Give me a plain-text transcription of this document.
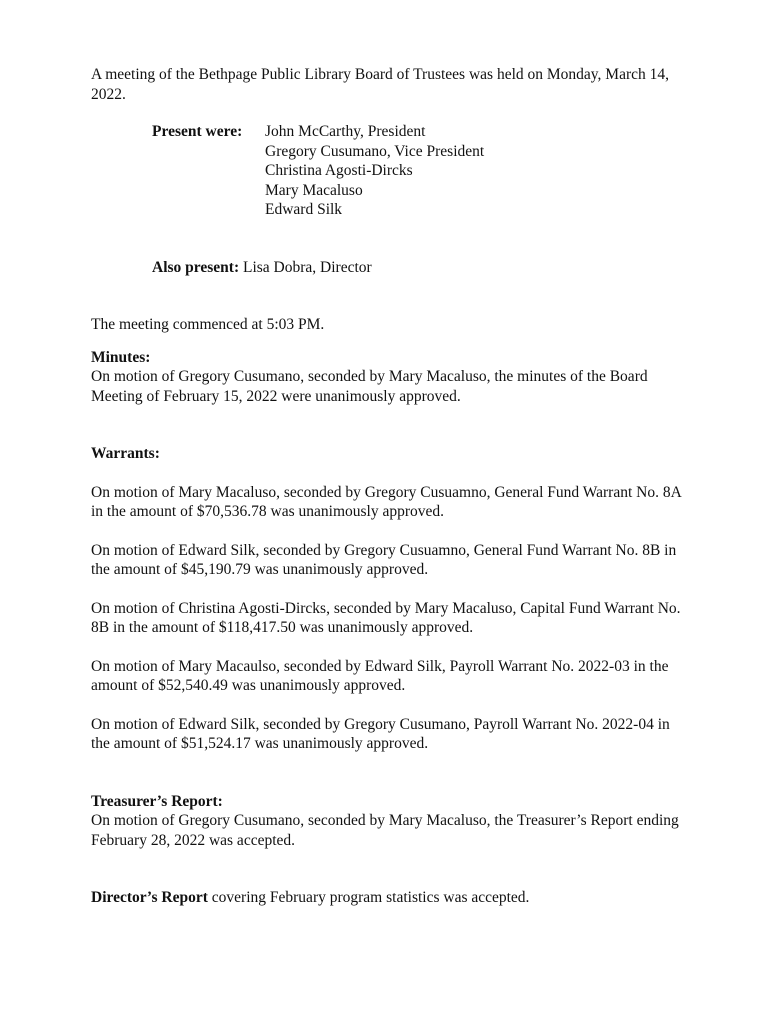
A meeting of the Bethpage Public Library Board of Trustees was held on Monday, March 14, 2022.

Present were:	John McCarthy, President
Gregory Cusumano, Vice President
Christina Agosti-Dircks
Mary Macaluso
Edward Silk

Also present: Lisa Dobra, Director

The meeting commenced at 5:03 PM.

Minutes:

On motion of Gregory Cusumano, seconded by Mary Macaluso, the minutes of the Board Meeting of February 15, 2022 were unanimously approved.

Warrants:

On motion of Mary Macaluso, seconded by Gregory Cusuamno, General Fund Warrant No. 8A in the amount of $70,536.78 was unanimously approved.

On motion of Edward Silk, seconded by Gregory Cusuamno, General Fund Warrant No. 8B in the amount of $45,190.79 was unanimously approved.

On motion of Christina Agosti-Dircks, seconded by Mary Macaluso, Capital Fund Warrant No. 8B in the amount of $118,417.50 was unanimously approved.

On motion of Mary Macaulso, seconded by Edward Silk, Payroll Warrant No. 2022-03 in the amount of $52,540.49 was unanimously approved.

On motion of Edward Silk, seconded by Gregory Cusumano, Payroll Warrant No. 2022-04 in the amount of $51,524.17 was unanimously approved.

Treasurer’s Report:

On motion of Gregory Cusumano, seconded by Mary Macaluso, the Treasurer’s Report ending February 28, 2022 was accepted.

Director’s Report covering February program statistics was accepted.
